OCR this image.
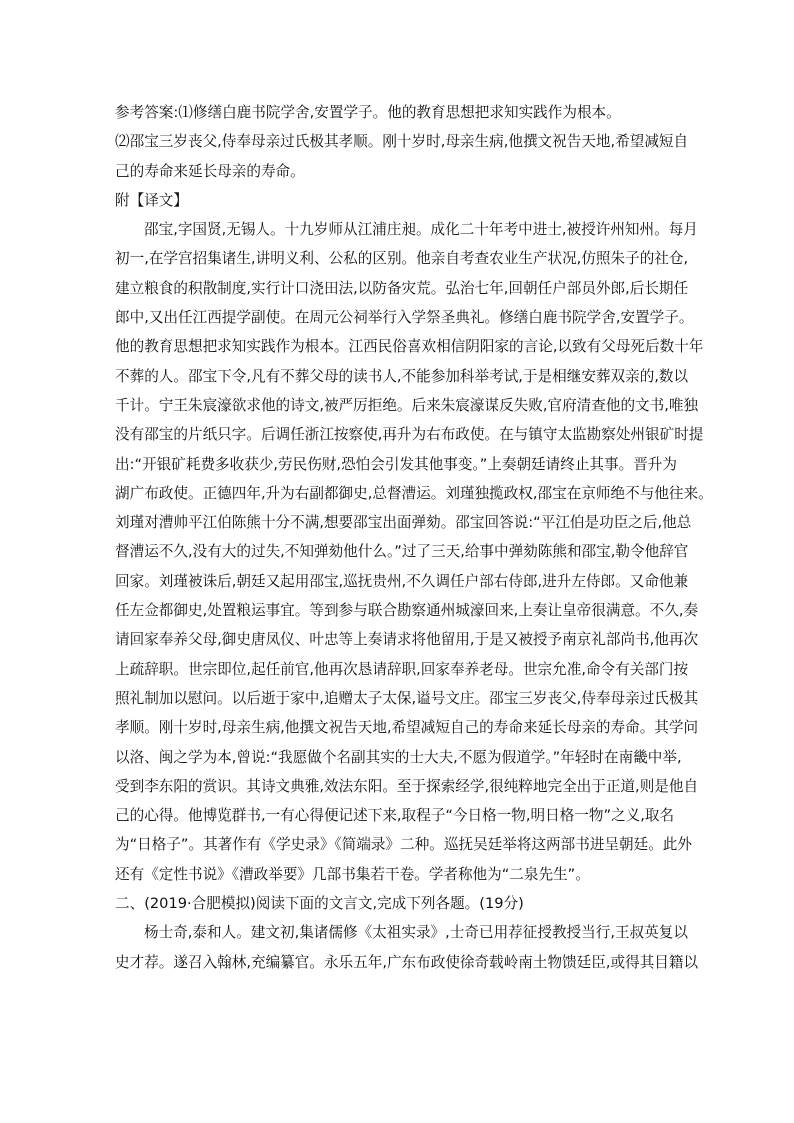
参考答案:⑴修缮白鹿书院学舍,安置学子。他的教育思想把求知实践作为根本。
⑵邵宝三岁丧父,侍奉母亲过氏极其孝顺。刚十岁时,母亲生病,他撰文祝告天地,希望减短自
己的寿命来延长母亲的寿命。
附【译文】
邵宝,字国贤,无锡人。十九岁师从江浦庄昶。成化二十年考中进士,被授许州知州。每月
初一,在学宫招集诸生,讲明义利、公私的区别。他亲自考查农业生产状况,仿照朱子的社仓,
建立粮食的积散制度,实行计口浇田法,以防备灾荒。弘治七年,回朝任户部员外郎,后长期任
郎中,又出任江西提学副使。在周元公祠举行入学祭圣典礼。修缮白鹿书院学舍,安置学子。
他的教育思想把求知实践作为根本。江西民俗喜欢相信阴阳家的言论,以致有父母死后数十年
不葬的人。邵宝下令,凡有不葬父母的读书人,不能参加科举考试,于是相继安葬双亲的,数以
千计。宁王朱宸濠欲求他的诗文,被严厉拒绝。后来朱宸濠谋反失败,官府清查他的文书,唯独
没有邵宝的片纸只字。后调任浙江按察使,再升为右布政使。在与镇守太监勘察处州银矿时提
出:“开银矿耗费多收获少,劳民伤财,恐怕会引发其他事变。”上奏朝廷请终止其事。晋升为
湖广布政使。正德四年,升为右副都御史,总督漕运。刘瑾独揽政权,邵宝在京师绝不与他往来。
刘瑾对漕帅平江伯陈熊十分不满,想要邵宝出面弹劾。邵宝回答说:“平江伯是功臣之后,他总
督漕运不久,没有大的过失,不知弹劾他什么。”过了三天,给事中弹劾陈熊和邵宝,勒令他辞官
回家。刘瑾被诛后,朝廷又起用邵宝,巡抚贵州,不久调任户部右侍郎,进升左侍郎。又命他兼
任左佥都御史,处置粮运事宜。等到参与联合勘察通州城濠回来,上奏让皇帝很满意。不久,奏
请回家奉养父母,御史唐凤仪、叶忠等上奏请求将他留用,于是又被授予南京礼部尚书,他再次
上疏辞职。世宗即位,起任前官,他再次恳请辞职,回家奉养老母。世宗允准,命令有关部门按
照礼制加以慰问。以后逝于家中,追赠太子太保,谥号文庄。邵宝三岁丧父,侍奉母亲过氏极其
孝顺。刚十岁时,母亲生病,他撰文祝告天地,希望减短自己的寿命来延长母亲的寿命。其学问
以洛、闽之学为本,曾说:“我愿做个名副其实的士大夫,不愿为假道学。”年轻时在南畿中举,
受到李东阳的赏识。其诗文典雅,效法东阳。至于探索经学,很纯粹地完全出于正道,则是他自
己的心得。他博览群书,一有心得便记述下来,取程子“今日格一物,明日格一物”之义,取名
为“日格子”。其著作有《学史录》《简端录》二种。巡抚吴廷举将这两部书进呈朝廷。此外
还有《定性书说》《漕政举要》几部书集若干卷。学者称他为“二泉先生”。
二、(2019·合肥模拟)阅读下面的文言文,完成下列各题。(19分)
杨士奇,泰和人。建文初,集诸儒修《太祖实录》,士奇已用荐征授教授当行,王叔英复以
史才荐。遂召入翰林,充编纂官。永乐五年,广东布政使徐奇载岭南土物馈廷臣,或得其目籍以
